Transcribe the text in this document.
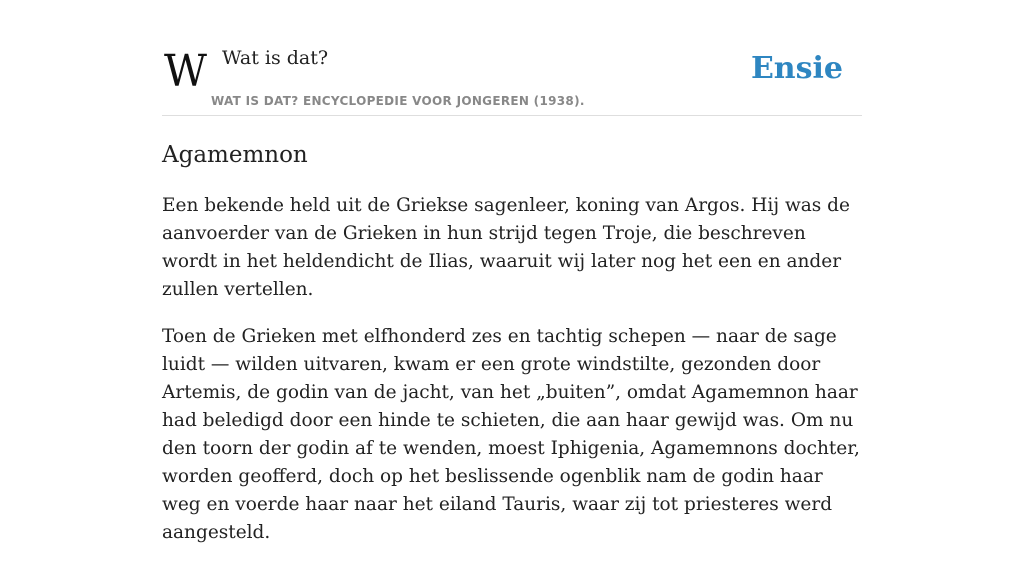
W Wat is dat?
WAT IS DAT? ENCYCLOPEDIE VOOR JONGEREN (1938).
Ensie
Agamemnon

Een bekende held uit de Griekse sagenleer, koning van Argos. Hij was de aanvoerder van de Grieken in hun strijd tegen Troje, die beschreven wordt in het heldendicht de Ilias, waaruit wij later nog het een en ander zullen vertellen.

Toen de Grieken met elfhonderd zes en tachtig schepen — naar de sage luidt — wilden uitvaren, kwam er een grote windstilte, gezonden door Artemis, de godin van de jacht, van het „buiten”, omdat Agamemnon haar had beledigd door een hinde te schieten, die aan haar gewijd was. Om nu den toorn der godin af te wenden, moest Iphigenia, Agamemnons dochter, worden geofferd, doch op het beslissende ogenblik nam de godin haar weg en voerde haar naar het eiland Tauris, waar zij tot priesteres werd aangesteld.
